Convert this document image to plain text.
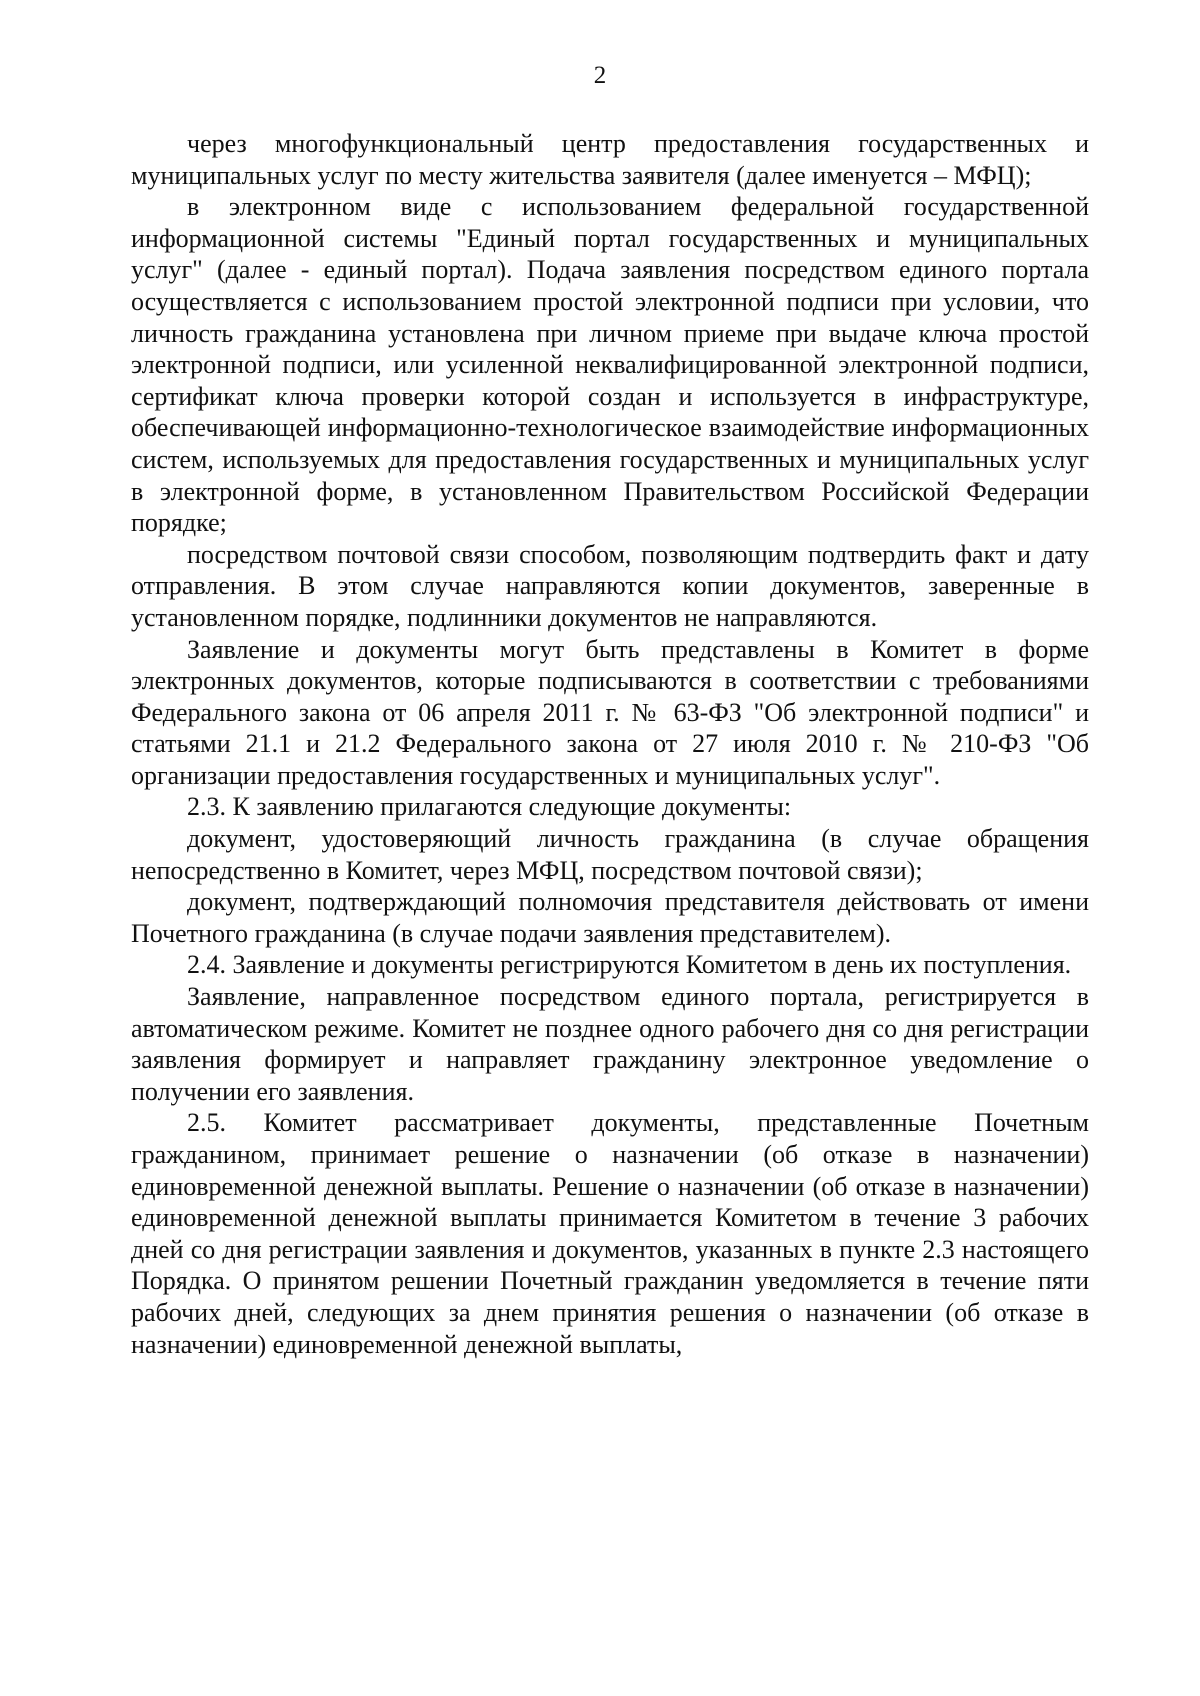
2

через многофункциональный центр предоставления государственных и муниципальных услуг по месту жительства заявителя (далее именуется – МФЦ);

в электронном виде с использованием федеральной государственной информационной системы "Единый портал государственных и муниципальных услуг" (далее - единый портал). Подача заявления посредством единого портала осуществляется с использованием простой электронной подписи при условии, что личность гражданина установлена при личном приеме при выдаче ключа простой электронной подписи, или усиленной неквалифицированной электронной подписи, сертификат ключа проверки которой создан и используется в инфраструктуре, обеспечивающей информационно-технологическое взаимодействие информационных систем, используемых для предоставления государственных и муниципальных услуг в электронной форме, в установленном Правительством Российской Федерации порядке;

посредством почтовой связи способом, позволяющим подтвердить факт и дату отправления. В этом случае направляются копии документов, заверенные в установленном порядке, подлинники документов не направляются.

Заявление и документы могут быть представлены в Комитет в форме электронных документов, которые подписываются в соответствии с требованиями Федерального закона от 06 апреля 2011 г. № 63-ФЗ "Об электронной подписи" и статьями 21.1 и 21.2 Федерального закона от 27 июля 2010 г. № 210-ФЗ "Об организации предоставления государственных и муниципальных услуг".

2.3. К заявлению прилагаются следующие документы:

документ, удостоверяющий личность гражданина (в случае обращения непосредственно в Комитет, через МФЦ, посредством почтовой связи);

документ, подтверждающий полномочия представителя действовать от имени Почетного гражданина (в случае подачи заявления представителем).

2.4. Заявление и документы регистрируются Комитетом в день их поступления.

Заявление, направленное посредством единого портала, регистрируется в автоматическом режиме. Комитет не позднее одного рабочего дня со дня регистрации заявления формирует и направляет гражданину электронное уведомление о получении его заявления.

2.5. Комитет рассматривает документы, представленные Почетным гражданином, принимает решение о назначении (об отказе в назначении) единовременной денежной выплаты. Решение о назначении (об отказе в назначении) единовременной денежной выплаты принимается Комитетом в течение 3 рабочих дней со дня регистрации заявления и документов, указанных в пункте 2.3 настоящего Порядка. О принятом решении Почетный гражданин уведомляется в течение пяти рабочих дней, следующих за днем принятия решения о назначении (об отказе в назначении) единовременной денежной выплаты,
